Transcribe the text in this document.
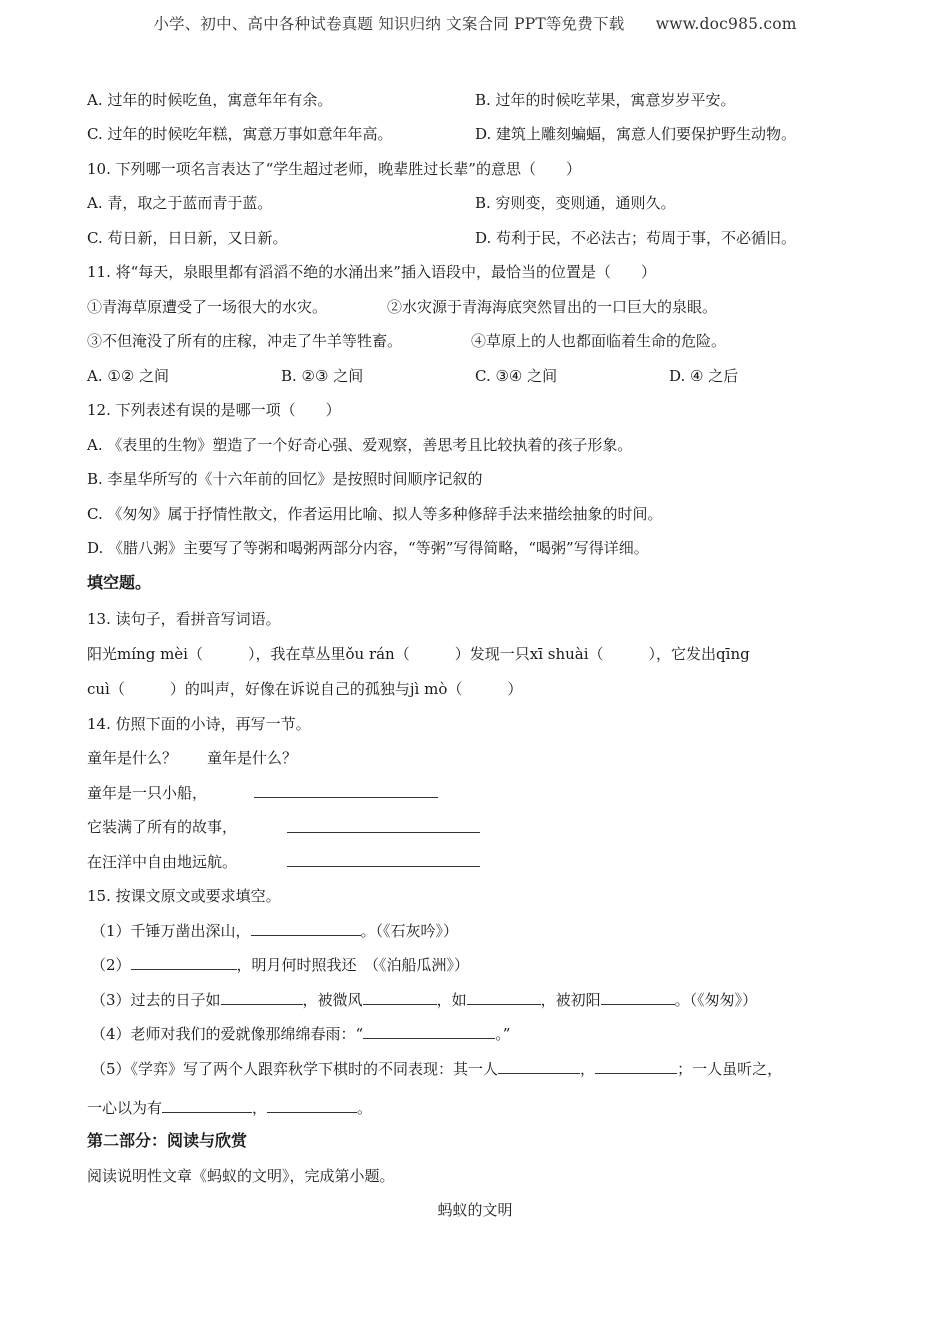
小学、初中、高中各种试卷真题 知识归纳 文案合同 PPT等免费下载　　www.doc985.com
A. 过年的时候吃鱼，寓意年年有余。	B. 过年的时候吃苹果，寓意岁岁平安。
C. 过年的时候吃年糕，寓意万事如意年年高。	D. 建筑上雕刻蝙蝠，寓意人们要保护野生动物。
10. 下列哪一项名言表达了“学生超过老师，晚辈胜过长辈”的意思（　　）
A. 青，取之于蓝而青于蓝。	B. 穷则变，变则通，通则久。
C. 苟日新，日日新，又日新。	D. 苟利于民，不必法古；苟周于事，不必循旧。
11. 将“每天，泉眼里都有滔滔不绝的水涌出来”插入语段中，最恰当的位置是（　　）
①青海草原遭受了一场很大的水灾。	②水灾源于青海海底突然冒出的一口巨大的泉眼。
③不但淹没了所有的庄稼，冲走了牛羊等牲畜。	④草原上的人也都面临着生命的危险。
A. ①② 之间	B. ②③ 之间	C. ③④ 之间	D. ④ 之后
12. 下列表述有误的是哪一项（　　）
A. 《表里的生物》塑造了一个好奇心强、爱观察，善思考且比较执着的孩子形象。
B. 李星华所写的《十六年前的回忆》是按照时间顺序记叙的
C. 《匆匆》属于抒情性散文，作者运用比喻、拟人等多种修辞手法来描绘抽象的时间。
D. 《腊八粥》主要写了等粥和喝粥两部分内容，“等粥”写得简略，“喝粥”写得详细。
填空题。
13. 读句子，看拼音写词语。
阳光míng mèi（　　　），我在草丛里ǒu rán（　　　）发现一只xī shuài（　　　），它发出qīng
cuì（　　　）的叫声，好像在诉说自己的孤独与jì mò（　　　）
14. 仿照下面的小诗，再写一节。
童年是什么？　　童年是什么？
童年是一只小船，
它装满了所有的故事，
在汪洋中自由地远航。
15. 按课文原文或要求填空。
（1）千锤万凿出深山，	。（《石灰吟》）
（2）	，明月何时照我还　（《泊船瓜洲》）
（3）过去的日子如	，被微风	，如	，被初阳	。（《匆匆》）
（4）老师对我们的爱就像那绵绵春雨：“	。”
（5）《学弈》写了两个人跟弈秋学下棋时的不同表现：其一人	，	；一人虽听之，
一心以为有	，	。
第二部分：阅读与欣赏
阅读说明性文章《蚂蚁的文明》，完成第小题。
蚂蚁的文明
